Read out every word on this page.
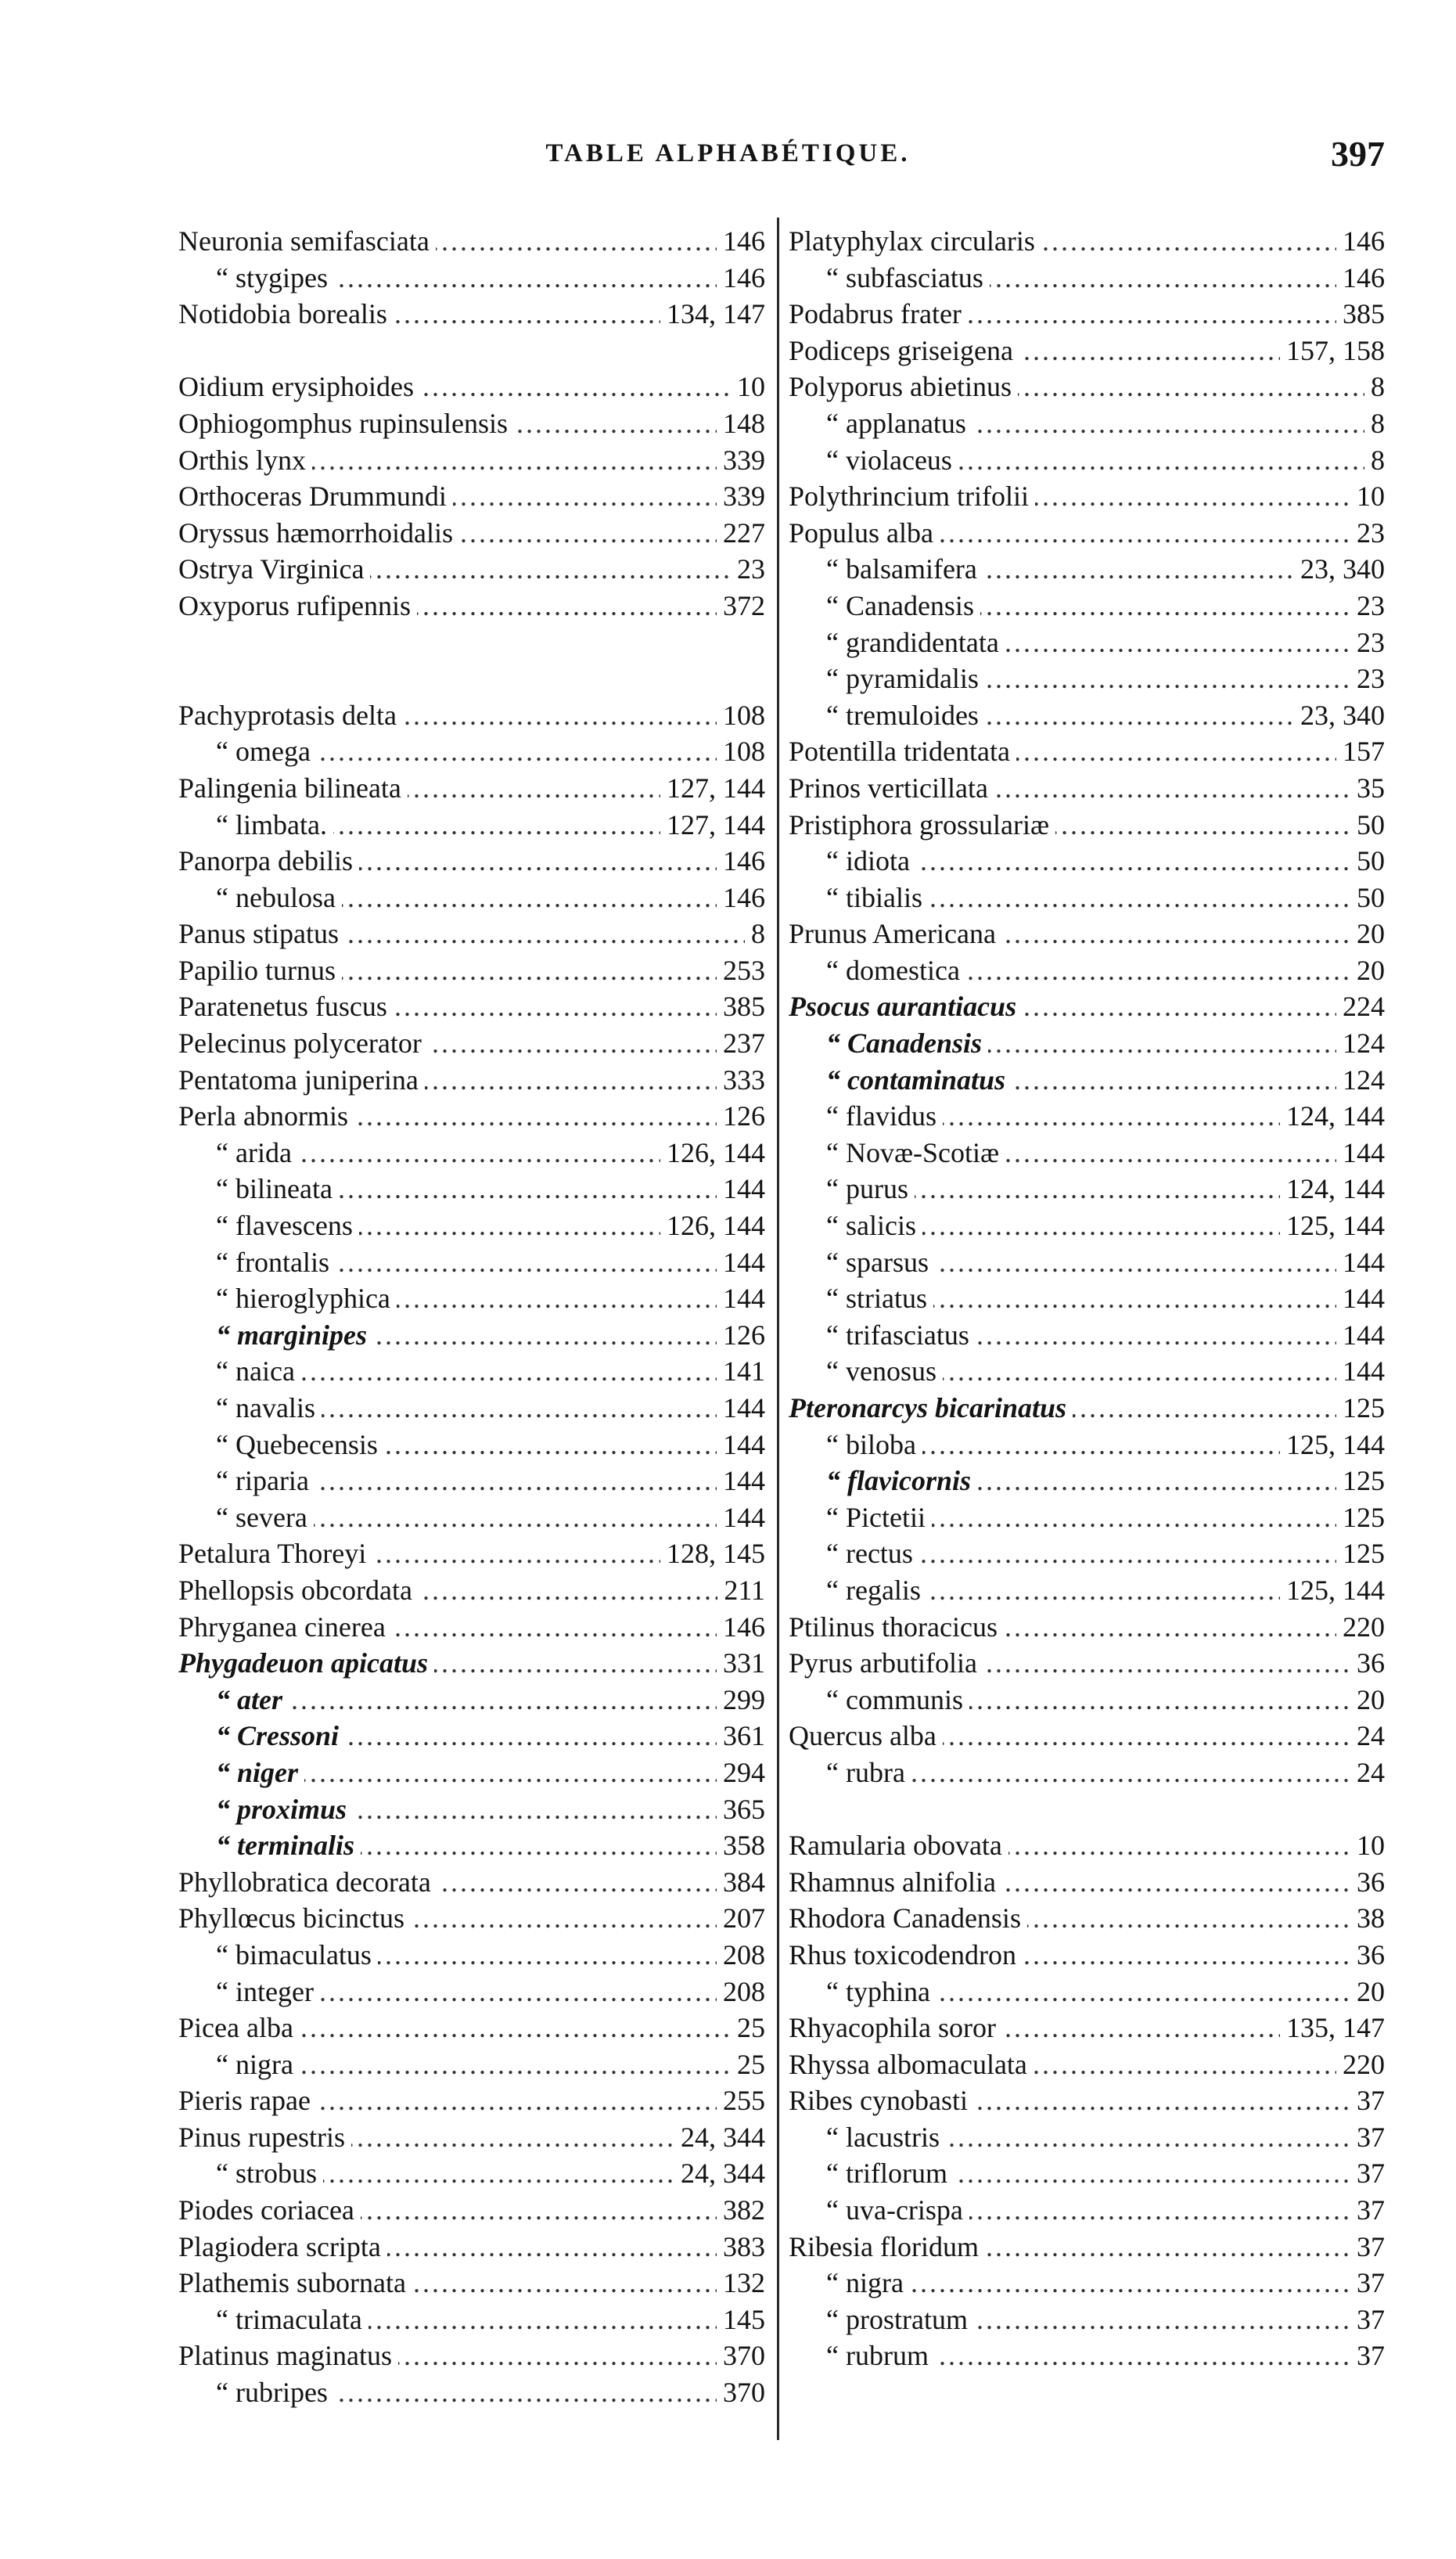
TABLE ALPHABÉTIQUE.	397
.....
Neuronia semifasciata	146
.....
“ stygipes	146
.....
Notidobia borealis	134, 147
.....
Oidium erysiphoides	10
.....
Ophiogomphus rupinsulensis	148
.....
Orthis lynx	339
.....
Orthoceras Drummundi	339
.....
Oryssus hæmorrhoidalis	227
.....
Ostrya Virginica	23
.....
Oxyporus rufipennis	372
.....
Pachyprotasis delta	108
.....
“ omega	108
.....
Palingenia bilineata	127, 144
.....
“ limbata.	127, 144
.....
Panorpa debilis	146
.....
“ nebulosa	146
.....
Panus stipatus	8
.....
Papilio turnus	253
.....
Paratenetus fuscus	385
.....
Pelecinus polycerator	237
.....
Pentatoma juniperina	333
.....
Perla abnormis	126
.....
“ arida	126, 144
.....
“ bilineata	144
.....
“ flavescens	126, 144
.....
“ frontalis	144
.....
“ hieroglyphica	144
.....
“ marginipes	126
.....
“ naica	141
.....
“ navalis	144
.....
“ Quebecensis	144
.....
“ riparia	144
.....
“ severa	144
.....
Petalura Thoreyi	128, 145
.....
Phellopsis obcordata	211
.....
Phryganea cinerea	146
.....
Phygadeuon apicatus	331
.....
“ ater	299
.....
“ Cressoni	361
.....
“ niger	294
.....
“ proximus	365
.....
“ terminalis	358
.....
Phyllobratica decorata	384
.....
Phyllœcus bicinctus	207
.....
“ bimaculatus	208
.....
“ integer	208
.....
Picea alba	25
.....
“ nigra	25
.....
Pieris rapae	255
.....
Pinus rupestris	24, 344
.....
“ strobus	24, 344
.....
Piodes coriacea	382
.....
Plagiodera scripta	383
.....
Plathemis subornata	132
.....
“ trimaculata	145
.....
Platinus maginatus	370
.....
“ rubripes	370
.....
Platyphylax circularis	146
.....
“ subfasciatus	146
.....
Podabrus frater	385
.....
Podiceps griseigena	157, 158
.....
Polyporus abietinus	8
.....
“ applanatus	8
.....
“ violaceus	8
.....
Polythrincium trifolii	10
.....
Populus alba	23
.....
“ balsamifera	23, 340
.....
“ Canadensis	23
.....
“ grandidentata	23
.....
“ pyramidalis	23
.....
“ tremuloides	23, 340
.....
Potentilla tridentata	157
.....
Prinos verticillata	35
.....
Pristiphora grossulariæ	50
.....
“ idiota	50
.....
“ tibialis	50
.....
Prunus Americana	20
.....
“ domestica	20
.....
Psocus aurantiacus	224
.....
“ Canadensis	124
.....
“ contaminatus	124
.....
“ flavidus	124, 144
.....
“ Novæ-Scotiæ	144
.....
“ purus	124, 144
.....
“ salicis	125, 144
.....
“ sparsus	144
.....
“ striatus	144
.....
“ trifasciatus	144
.....
“ venosus	144
.....
Pteronarcys bicarinatus	125
.....
“ biloba	125, 144
.....
“ flavicornis	125
.....
“ Pictetii	125
.....
“ rectus	125
.....
“ regalis	125, 144
.....
Ptilinus thoracicus	220
.....
Pyrus arbutifolia	36
.....
“ communis	20
.....
Quercus alba	24
.....
“ rubra	24
.....
Ramularia obovata	10
.....
Rhamnus alnifolia	36
.....
Rhodora Canadensis	38
.....
Rhus toxicodendron	36
.....
“ typhina	20
.....
Rhyacophila soror	135, 147
.....
Rhyssa albomaculata	220
.....
Ribes cynobasti	37
.....
“ lacustris	37
.....
“ triflorum	37
.....
“ uva-crispa	37
.....
Ribesia floridum	37
.....
“ nigra	37
.....
“ prostratum	37
.....
“ rubrum	37
